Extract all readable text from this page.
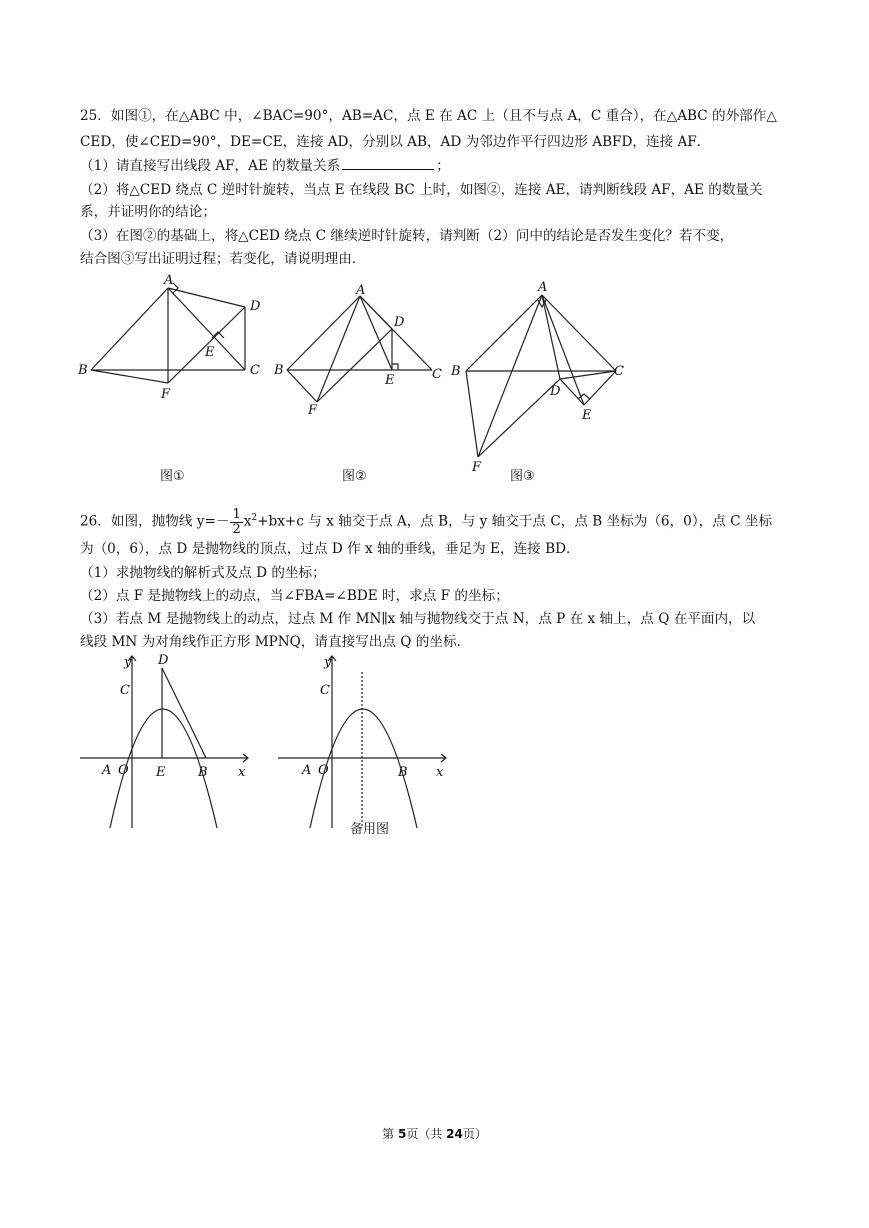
25．如图①，在△ABC 中，∠BAC=90°，AB=AC，点 E 在 AC 上（且不与点 A，C 重合），在△ABC 的外部作△
CED，使∠CED=90°，DE=CE，连接 AD，分别以 AB，AD 为邻边作平行四边形 ABFD，连接 AF．
（1）请直接写出线段 AF，AE 的数量关系	；
（2）将△CED 绕点 C 逆时针旋转，当点 E 在线段 BC 上时，如图②，连接 AE，请判断线段 AF，AE 的数量关
系，并证明你的结论；
（3）在图②的基础上，将△CED 绕点 C 继续逆时针旋转，请判断（2）问中的结论是否发生变化？若不变，
结合图③写出证明过程；若变化，请说明理由．
A
B	C
D
E
F
A
B	C
D
E
F
A
B	C
D
E
F
图①	图②	图③
26．如图，抛物线 $y=- \frac{1}{2} x^2+bx+c$ 与 x 轴交于点 A，点 B，与 y 轴交于点 C，点 B 坐标为（6，0），点 C 坐标
为（0，6），点 D 是抛物线的顶点，过点 D 作 x 轴的垂线，垂足为 E，连接 BD．
（1）求抛物线的解析式及点 D 的坐标；
（2）点 F 是抛物线上的动点，当∠FBA=∠BDE 时，求点 F 的坐标；
（3）若点 M 是抛物线上的动点，过点 M 作 MN∥x 轴与抛物线交于点 N，点 P 在 x 轴上，点 Q 在平面内，以
线段 MN 为对角线作正方形 MPNQ，请直接写出点 Q 的坐标．
y D
C
A O E	B x
y
C
A O	B x
备用图
第 5页（共 24页）
